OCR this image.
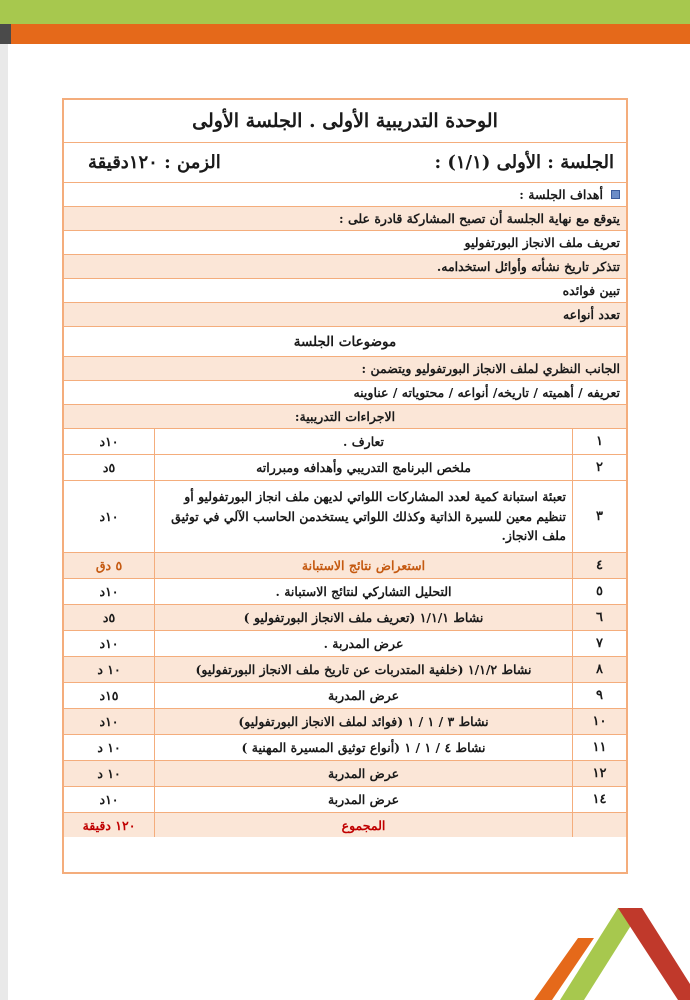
الوحدة التدريبية الأولى . الجلسة الأولى
الجلسة : الأولى (١/١) :
الزمن : ١٢٠دقيقة
أهداف الجلسة :
يتوقع مع نهاية الجلسة أن تصبح المشاركة قادرة على :
تعريف ملف الانجاز البورتفوليو
تتذكر تاريخ نشأته وأوائل استخدامه.
تبين فوائده
تعدد أنواعه
موضوعات الجلسة
الجانب النظري لملف الانجاز البورتفوليو ويتضمن :
تعريفه / أهميته / تاريخه/ أنواعه / محتوياته / عناوينه
الاجراءات التدريبية:
١
تعارف .
١٠د
٢
ملخص البرنامج التدريبي وأهدافه ومبرراته
٥د
٣
تعبئة استبانة كمية لعدد المشاركات اللواتي لديهن ملف انجاز البورتفوليو أو تنظيم معين للسيرة الذاتية وكذلك اللواتي يستخدمن الحاسب الآلي في توثيق ملف الانجاز.
١٠د
٤
استعراض نتائج الاستبانة
٥ دق
٥
التحليل التشاركي لنتائج الاستبانة .
١٠د
٦
نشاط ١/١/١ (تعريف ملف الانجاز البورتفوليو )
٥د
٧
عرض المدربة .
١٠د
٨
نشاط ١/١/٢ (خلفية المتدربات عن تاريخ ملف الانجاز البورتفوليو)
١٠ د
٩
عرض المدربة
١٥د
١٠
نشاط ٣ / ١ / ١ (فوائد لملف الانجاز البورتفوليو)
١٠د
١١
نشاط ٤ / ١ / ١ (أنواع توثيق المسيرة المهنية )
١٠ د
١٢
عرض المدربة
١٠ د
١٤
عرض المدربة
١٠د
المجموع
١٢٠ دقيقة
